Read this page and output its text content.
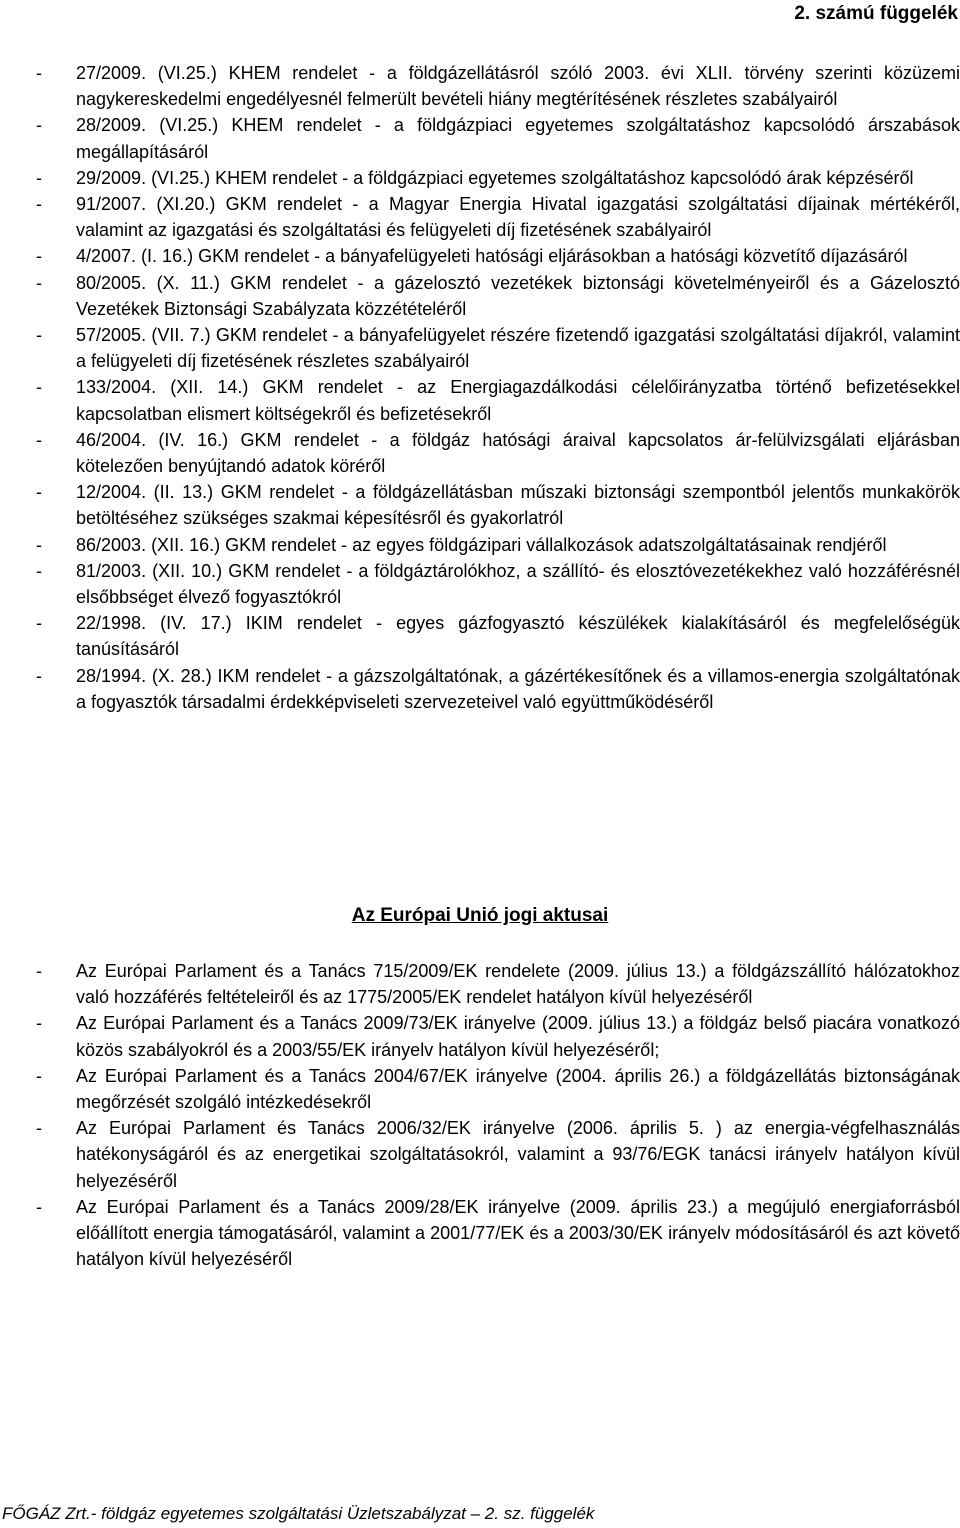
2. számú függelék
- 27/2009. (VI.25.) KHEM rendelet - a földgázellátásról szóló 2003. évi XLII. törvény szerinti közüzemi nagykereskedelmi engedélyesnél felmerült bevételi hiány megtérítésének részletes szabályairól
- 28/2009. (VI.25.) KHEM rendelet - a földgázpiaci egyetemes szolgáltatáshoz kapcsolódó árszabások megállapításáról
- 29/2009. (VI.25.) KHEM rendelet - a földgázpiaci egyetemes szolgáltatáshoz kapcsolódó árak képzéséről
- 91/2007. (XI.20.) GKM rendelet - a Magyar Energia Hivatal igazgatási szolgáltatási díjainak mértékéről, valamint az igazgatási és szolgáltatási és felügyeleti díj fizetésének szabályairól
- 4/2007. (I. 16.) GKM rendelet - a bányafelügyeleti hatósági eljárásokban a hatósági közvetítő díjazásáról
- 80/2005. (X. 11.) GKM rendelet - a gázelosztó vezetékek biztonsági követelményeiről és a Gázelosztó Vezetékek Biztonsági Szabályzata közzétételéről
- 57/2005. (VII. 7.) GKM rendelet - a bányafelügyelet részére fizetendő igazgatási szolgáltatási díjakról, valamint a felügyeleti díj fizetésének részletes szabályairól
- 133/2004. (XII. 14.) GKM rendelet - az Energiagazdálkodási célelőirányzatba történő befizetésekkel kapcsolatban elismert költségekről és befizetésekről
- 46/2004. (IV. 16.) GKM rendelet - a földgáz hatósági áraival kapcsolatos ár-felülvizsgálati eljárásban kötelezően benyújtandó adatok köréről
- 12/2004. (II. 13.) GKM rendelet - a földgázellátásban műszaki biztonsági szempontból jelentős munkakörök betöltéséhez szükséges szakmai képesítésről és gyakorlatról
- 86/2003. (XII. 16.) GKM rendelet - az egyes földgázipari vállalkozások adatszolgáltatásainak rendjéről
- 81/2003. (XII. 10.) GKM rendelet - a földgáztárolókhoz, a szállító- és elosztóvezetékekhez való hozzáférésnél elsőbbséget élvező fogyasztókról
- 22/1998. (IV. 17.) IKIM rendelet - egyes gázfogyasztó készülékek kialakításáról és megfelelőségük tanúsításáról
- 28/1994. (X. 28.) IKM rendelet - a gázszolgáltatónak, a gázértékesítőnek és a villamos-energia szolgáltatónak a fogyasztók társadalmi érdekképviseleti szervezeteivel való együttműködéséről
Az Európai Unió jogi aktusai
- Az Európai Parlament és a Tanács 715/2009/EK rendelete (2009. július 13.) a földgázszállító hálózatokhoz való hozzáférés feltételeiről és az 1775/2005/EK rendelet hatályon kívül helyezéséről
- Az Európai Parlament és a Tanács 2009/73/EK irányelve (2009. július 13.) a földgáz belső piacára vonatkozó közös szabályokról és a 2003/55/EK irányelv hatályon kívül helyezéséről;
- Az Európai Parlament és a Tanács 2004/67/EK irányelve (2004. április 26.) a földgázellátás biztonságának megőrzését szolgáló intézkedésekről
- Az Európai Parlament és Tanács 2006/32/EK irányelve (2006. április 5. ) az energia-végfelhasználás hatékonyságáról és az energetikai szolgáltatásokról, valamint a 93/76/EGK tanácsi irányelv hatályon kívül helyezéséről
- Az Európai Parlament és a Tanács 2009/28/EK irányelve (2009. április 23.) a megújuló energiaforrásból előállított energia támogatásáról, valamint a 2001/77/EK és a 2003/30/EK irányelv módosításáról és azt követő hatályon kívül helyezéséről
FŐGÁZ Zrt.- földgáz egyetemes szolgáltatási Üzletszabályzat – 2. sz. függelék
